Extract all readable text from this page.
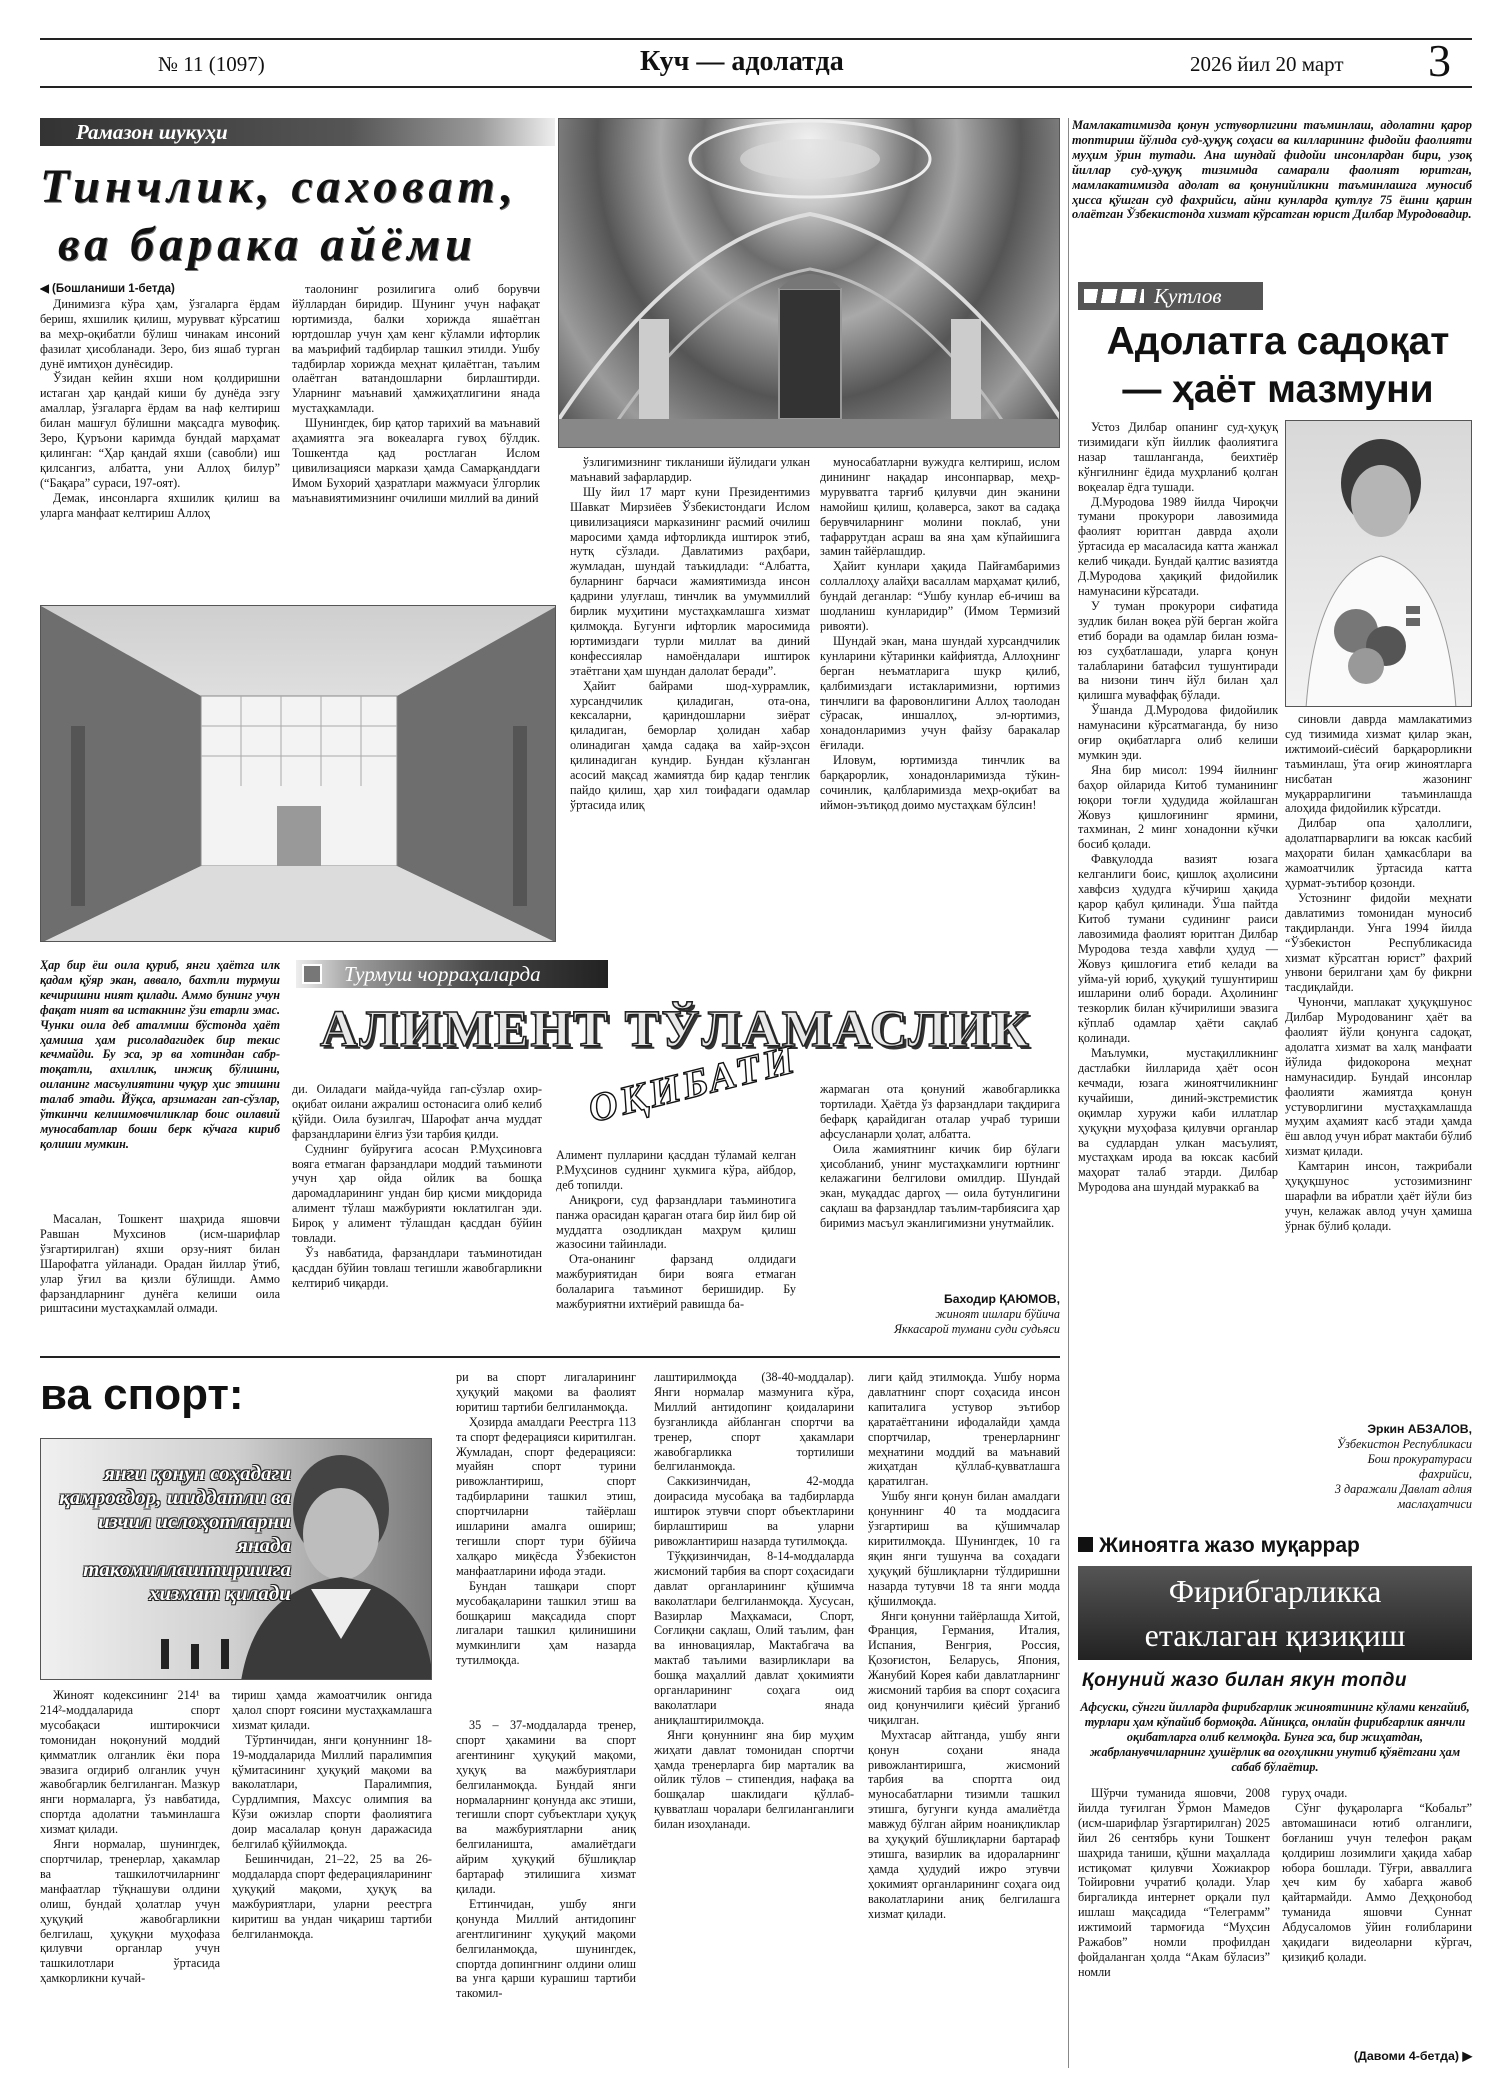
№ 11 (1097)	Куч — адолатда	2026 йил 20 март 3
Рамазон шукуҳи
Тинчлик, саховат,
ва барака айёми
◀ (Бошланиши 1-бетда)

Динимизга кўра ҳам, ўзгаларга ёрдам бериш, яхшилик қилиш, мурувват кўрсатиш ва меҳр-оқибатли бўлиш чинакам инсоний фазилат ҳисобланади. Зеро, биз яшаб турган дунё имтиҳон дунёсидир.

Ўзидан кейин яхши ном қолдиришни истаган ҳар қандай киши бу дунёда эзгу амаллар, ўзгаларга ёрдам ва наф келтириш билан машғул бўлишни мақсадга мувофиқ. Зеро, Қуръони каримда бундай марҳамат қилинган: “Ҳар қандай яхши (савобли) иш қилсангиз, албатта, уни Аллоҳ билур” (“Бақара” сураси, 197-оят).

Демак, инсонларга яхшилик қилиш ва уларга манфаат келтириш Аллоҳ

таолонинг розилигига олиб борувчи йўллардан биридир. Шунинг учун нафақат юртимизда, балки хорижда яшаётган юртдошлар учун ҳам кенг кўламли ифторлик ва маърифий тадбирлар ташкил этилди. Ушбу тадбирлар хорижда меҳнат қилаётган, таълим олаётган ватандошларни бирлаштирди. Уларнинг маънавий ҳамжиҳатлигини янада мустаҳкамлади.

Шунингдек, бир қатор тарихий ва маънавий аҳамиятга эга вокеаларга гувоҳ бўлдик. Тошкентда қад ростлаган Ислом цивилизацияси маркази ҳамда Самарқанддаги Имом Бухорий ҳазратлари мажмуаси ўлгорлик маънавиятимизнинг очилиши миллий ва диний

ўзлигимизнинг тикланиши йўлидаги улкан маънавий зафарлардир.

Шу йил 17 март куни Президентимиз Шавкат Мирзиёев Ўзбекистондаги Ислом цивилизацияси марказининг расмий очилиш маросими ҳамда ифторликда иштирок этиб, нутқ сўзлади. Давлатимиз раҳбари, жумладан, шундай таъкидлади: “Албатта, буларнинг барчаси жамиятимизда инсон қадрини улуғлаш, тинчлик ва умуммиллий бирлик муҳитини мустаҳкамлашга хизмат қилмоқда. Бугунги ифторлик маросимида юртимиздаги турли миллат ва диний конфессиялар намоёндалари иштирок этаётгани ҳам шундан далолат беради”.

Ҳайит байрами шод-хуррамлик, хурсандчилик қиладиган, ота-она, кексаларни, қариндошларни зиёрат қиладиган, беморлар ҳолидан хабар олинадиган ҳамда садақа ва хайр-эҳсон қилинадиган кундир. Бундан кўзланган асосий мақсад жамиятда бир қадар тенглик пайдо қилиш, ҳар хил тоифадаги одамлар ўртасида илиқ

муносабатларни вужудга келтириш, ислом динининг нақадар инсонпарвар, меҳр-мурувватга тарғиб қилувчи дин эканини намойиш қилиш, қолаверса, закот ва садақа берувчиларнинг молини поклаб, уни тафаррутдан асраш ва яна ҳам кўпайишига замин тайёрлашдир.

Ҳайит кунлари ҳақида Пайғамбаримиз соллаллоҳу алайҳи васаллам марҳамат қилиб, бундай деганлар: “Ушбу кунлар еб-ичиш ва шодланиш кунларидир” (Имом Термизий ривояти).

Шундай экан, мана шундай хурсандчилик кунларини кўтаринки кайфиятда, Аллоҳнинг берган неъматларига шукр қилиб, қалбимиздаги истакларимизни, юртимиз тинчлиги ва фаровонлигини Аллоҳ таолодан сўрасак, иншаллоҳ, эл-юртимиз, хонадонларимиз учун файзу баракалар ёғилади.

Иловум, юртимизда тинчлик ва барқарорлик, хонадонларимизда тўкин-сочинлик, қалбларимизда меҳр-оқибат ва иймон-эътиқод доимо мустаҳкам бўлсин!

Мамлакатимизда қонун устуворлигини таъминлаш, адолатни қарор топтириш йўлида суд-ҳуқуқ соҳаси ва килларининг фидойи фаолияти муҳим ўрин тутади. Ана шундай фидойи инсонлардан бири, узоқ йиллар суд-ҳуқуқ тизимида самарали фаолият юритган, мамлакатимизда адолат ва қонунийликни таъминлашга муносиб ҳисса қўшган суд фахрийси, айни кунларда қутлуғ 75 ёшни қаршн олаётган Ўзбекистонда хизмат кўрсатган юрист Дилбар Муродовадир.
Қутлов
Адолатга садоқат
— ҳаёт мазмуни

Устоз Дилбар опанинг суд-ҳуқуқ тизимидаги кўп йиллик фаолиятига назар ташланганда, беихтиёр кўнгилнинг ёдида муҳрланиб қолган воқеалар ёдга тушади.

Д.Муродова 1989 йилда Чироқчи тумани прокурори лавозимида фаолият юритган даврда аҳоли ўртасида ер масаласида катта жанжал келиб чиқади. Бундай қалтис вазиятда Д.Муродова ҳақиқий фидойилик намунасини кўрсатади.

У туман прокурори сифатида зудлик билан воқеа рўй берган жойга етиб боради ва одамлар билан юзма-юз суҳбатлашади, уларга қонун талабларини батафсил тушунтиради ва низони тинч йўл билан ҳал қилишга муваффақ бўлади.

Ўшанда Д.Муродова фидойилик намунасини кўрсатмаганда, бу низо оғир оқибатларга олиб келиши мумкин эди.

Яна бир мисол: 1994 йилнинг баҳор ойларида Китоб туманининг юқори тоғли ҳудудида жойлашган Жовуз қишлоғининг ярмини, тахминан, 2 минг хонадонни кўчки босиб қолади.

Фавқулодда вазият юзага келганлиги боис, қишлоқ аҳолисини хавфсиз ҳудудга кўчириш ҳақида қарор қабул қилинади. Ўша пайтда Китоб тумани судининг раиси лавозимида фаолият юритган Дилбар Муродова тезда хавфли ҳудуд — Жовуз қишлоғига етиб келади ва уйма-уй юриб, ҳуқуқий тушунтириш ишларини олиб боради. Аҳолининг тезкорлик билан кўчирилиши эвазига кўплаб одамлар ҳаёти сақлаб қолинади.

Маълумки, мустақилликнинг дастлабки йилларида ҳаёт осон кечмади, юзага жиноятчиликнинг кучайиши, диний-экстремистик оқимлар хуружи каби иллатлар ҳуқуқни муҳофаза қилувчи органлар ва судлардан улкан масъулият, мустаҳкам ирода ва юксак касбий маҳорат талаб этарди. Дилбар Муродова ана шундай мураккаб ва

синовли даврда мамлакатимиз суд тизимида хизмат қилар экан, ижтимоий-сиёсий барқарорликни таъминлаш, ўта оғир жиноятларга нисбатан жазонинг муқаррарлигини таъминлашда алоҳида фидойилик кўрсатди.

Дилбар опа ҳалоллиги, адолатпарварлиги ва юксак касбий маҳорати билан ҳамкасблари ва жамоатчилик ўртасида катта ҳурмат-эътибор қозонди.

Устознинг фидойи меҳнати давлатимиз томонидан муносиб тақдирланди. Унга 1994 йилда “Ўзбекистон Республикасида хизмат кўрсатган юрист” фахрий унвони берилгани ҳам бу фикрни тасдиқлайди.

Чунончи, маплакат ҳуқуқшунос Дилбар Муродованинг ҳаёт ва фаолият йўли қонунга садоқат, адолатга хизмат ва халқ манфаати йўлида фидокорона меҳнат намунасидир. Бундай инсонлар фаолияти жамиятда қонун устуворлигини мустаҳкамлашда муҳим аҳамият касб этади ҳамда ёш авлод учун ибрат мактаби бўлиб хизмат қилади.

Камтарин инсон, тажрибали ҳуқуқшунос устозимизнинг шарафли ва ибратли ҳаёт йўли биз учун, келажак авлод учун ҳамиша ўрнак бўлиб қолади.

Эркин АБЗАЛОВ,
Ўзбекистон Республикаси
Бош прокуратураси
фахрийси,
3 даражали Давлат адлия
маслаҳатчиси
Ҳар бир ёш оила қуриб, янги ҳаётга илк қадам қўяр экан, аввало, бахтли турмуш кечиришни ният қилади. Аммо бунинг учун фақат ният ва истакнинг ўзи етарли эмас. Чунки оила деб аталмиш бўстонда ҳаёт ҳамиша ҳам рисоладагидек бир текис кечмайди. Бу эса, эр ва хотиндан сабр-тоқатли, ахиллик, инжиқ бўлишни, оиланинг масъулиятини чуқур ҳис этишни талаб этади. Йўқса, арзимаган гап-сўзлар, ўткинчи келишмовчиликлар боис оилавий муносабатлар боши берк кўчага кириб қолиши мумкин.
Турмуш чорраҳаларда
АЛИМЕНТ ТЎЛАМАСЛИК
ОҚИБАТИ

Масалан, Тошкент шаҳрида яшовчи Равшан Мухсинов (исм-шарифлар ўзгартирилган) яхши орзу-ният билан Шарофатга уйланади. Орадан йиллар ўтиб, улар ўғил ва қизли бўлишди. Аммо фарзандларнинг дунёга келиши оила риштасини мустаҳкамлай олмади.

ди. Оиладаги майда-чуйда гап-сўзлар охир-оқибат оилани ажралиш остонасига олиб келиб қўйди. Оила бузилгач, Шарофат анча муддат фарзандларини ёлғиз ўзи тарбия қилди.

Суднинг буйруғига асосан Р.Муҳсиновга вояга етмаган фарзандлари моддий таъминоти учун ҳар ойда ойлик ва бошқа даромадларининг ундан бир қисми миқдорида алимент тўлаш мажбурияти юклатилган эди. Бироқ у алимент тўлашдан қасддан бўйин товлади.

Ўз навбатида, фарзандлари таъминотидан қасддан бўйин товлаш тегишли жавобгарликни келтириб чиқарди.

Алимент пулларини қасддан тўламай келган Р.Муҳсинов суднинг ҳукмига кўра, айбдор, деб топилди.

Аниқроғи, суд фарзандлари таъминотига панжа орасидан қараган отага бир йил бир ой муддатга озодликдан маҳрум қилиш жазосини тайинлади.

Ота-онанинг фарзанд олдидаги мажбуриятидан бири вояга етмаган болаларига таъминот беришидир. Бу мажбуриятни ихтиёрий равишда ба-

жармаган ота қонуний жавобгарликка тортилади. Ҳаётда ўз фарзандлари тақдирига бефарқ қарайдиган оталар учраб туриши афсусланарли ҳолат, албатта.

Оила жамиятнинг кичик бир бўлаги ҳисобланиб, унинг мустаҳкамлиги юртнинг келажагини белгилови омилдир. Шундай экан, муқаддас даргоҳ — оила бутунлигини сақлаш ва фарзандлар таълим-тарбиясига ҳар биримиз масъул эканлигимизни унутмайлик.

Баходир ҚАЮМОВ,
жиноят ишлари бўйича
Яккасарой тумани суди судьяси
ва спорт:
янги қонун соҳадаги қамровдор, шиддатли ва изчил ислоҳотларни янада такомиллаштиришга хизмат қилади

Жиноят кодексининг 214¹ ва 214²-моддаларида спорт мусобақаси иштирокчиси томонидан ноқонуний моддий қимматлик олганлик ёки пора эвазига огдириб олганлик учун жавобгарлик белгиланган. Мазкур янги нормаларга, ўз навбатида, спортда адолатни таъминлашга хизмат қилади.

Янги нормалар, шунингдек, спортчилар, тренерлар, ҳакамлар ва ташкилотчиларнинг манфаатлар тўқнашуви олдини олиш, бундай ҳолатлар учун ҳуқуқий жавобгарликни белгилаш, ҳуқуқни муҳофаза қилувчи органлар учун ташкилотлари ўртасида ҳамкорликни кучай-

ри ва спорт лигаларининг ҳуқуқий мақоми ва фаолият юритиш тартиби белгиланмоқда.

Ҳозирда амалдаги Реестрга 113 та спорт федерацияси киритилган. Жумладан, спорт федерацияси: муайян спорт турини ривожлантириш, спорт тадбирларини ташкил этиш, спортчиларни тайёрлаш ишларини амалга ошириш; тегишли спорт тури бўйича халқаро миқёсда Ўзбекистон манфаатларини ифода этади.

Бундан ташқари спорт мусобақаларини ташкил этиш ва бошқариш мақсадида спорт лигалари ташкил қилинишини мумкинлиги ҳам назарда тутилмоқда.

тириш ҳамда жамоатчилик онгида ҳалол спорт ғоясини мустаҳкамлашга хизмат қилади.

Тўртинчидан, янги қонуннинг 18-19-моддаларида Миллий паралимпия қўмитасининг ҳуқуқий мақоми ва ваколатлари, Паралимпия, Сурдлимпия, Махсус олимпия ва Кўзи ожизлар спорти фаолиятига доир масалалар қонун даражасида белгилаб қўйилмоқда.

Бешинчидан, 21–22, 25 ва 26-моддаларда спорт федерацияларининг ҳуқуқий мақоми, ҳуқуқ ва мажбуриятлари, уларни реестрга киритиш ва ундан чиқариш тартиби белгиланмоқда.

35 – 37-моддаларда тренер, спорт ҳакамини ва спорт агентининг ҳуқуқий мақоми, ҳуқуқ ва мажбуриятлари белгиланмоқда. Бундай янги нормаларнинг қонунда акс этиши, тегишли спорт субъектлари ҳуқуқ ва мажбуриятларни аниқ белгиланишта, амалиётдаги айрим ҳуқуқий бўшлиқлар бартараф этилишига хизмат қилади.

Еттинчидан, ушбу янги қонунда Миллий антидопинг агентлигининг ҳуқуқий мақоми белгиланмоқда, шунингдек, спортда допингнинг олдини олиш ва унга қарши курашиш тартиби такомил-

лаштирилмоқда (38-40-моддалар). Янги нормалар мазмунига кўра, Миллий антидопинг қоидаларини бузганликда айбланган спортчи ва тренер, спорт ҳакамлари жавобгарликка тортилиши белгиланмоқда.

Саккизинчидан, 42-модда доирасида мусобақа ва тадбирларда иштирок этувчи спорт объектларини бирлаштириш ва уларни ривожлантириш назарда тутилмоқда.

Тўққизинчидан, 8-14-моддаларда жисмоний тарбия ва спорт соҳасидаги давлат органларининг қўшимча ваколатлари белгиланмоқда. Хусусан, Вазирлар Маҳкамаси, Спорт, Соғлиқни сақлаш, Олий таълим, фан ва инновациялар, Мактабгача ва мактаб таълими вазирликлари ва бошқа маҳаллий давлат ҳокимияти органларининг соҳага оид ваколатлари янада аниқлаштирилмоқда.

Янги қонуннинг яна бир муҳим жиҳати давлат томонидан спортчи ҳамда тренерларга бир марталик ва ойлик тўлов – стипендия, нафақа ва бошқалар шаклидаги қўллаб-қувватлаш чоралари белгиланганлиги билан изоҳланади.

лиги қайд этилмоқда. Ушбу норма давлатнинг спорт соҳасида инсон капиталига устувор эътибор қаратаётганини ифодалайди ҳамда спортчилар, тренерларнинг меҳнатини моддий ва маънавий жиҳатдан қўллаб-қувватлашга қаратилган.

Ушбу янги қонун билан амалдаги қонуннинг 40 та моддасига ўзгартириш ва қўшимчалар киритилмоқда. Шунингдек, 10 га яқин янги тушунча ва соҳадаги ҳуқуқий бўшлиқларни тўлдиришни назарда тутувчи 18 та янги модда қўшилмоқда.

Янги қонунни тайёрлашда Хитой, Франция, Германия, Италия, Испания, Венгрия, Россия, Қозоғистон, Беларусь, Япония, Жанубий Корея каби давлатларнинг жисмоний тарбия ва спорт соҳасига оид қонунчилиги қиёсий ўрганиб чиқилган.

Мухтасар айтганда, ушбу янги қонун соҳани янада ривожлантиришга, жисмоний тарбия ва спортга оид муносабатларни тизимли ташкил этишга, бугунги кунда амалиётда мавжуд бўлган айрим ноаниқликлар ва ҳуқуқий бўшлиқларни бартараф этишга, вазирлик ва идораларнинг ҳамда ҳудудий ижро этувчи ҳокимият органларининг соҳага оид ваколатларини аниқ белгилашга хизмат қилади.

Жиноятга жазо муқаррар
Фирибгарликка
етаклаган қизиқиш
Қонуний жазо билан якун топди
Афсуски, сўнгги йилларда фирибгарлик жиноятининг кўлами кенгайиб, турлари ҳам кўпайиб бормоқда. Айниқса, онлайн фирибгарлик аянчли оқибатларга олиб келмоқда. Бунга эса, бир жиҳатдан, жабрланувчиларнинг ҳушёрлик ва огоҳликни унутиб қўяётгани ҳам сабаб бўлаётир.

Шўрчи туманида яшовчи, 2008 йилда туғилган Ўрмон Мамедов (исм-шарифлар ўзгартирилган) 2025 йил 26 сентябрь куни Тошкент шаҳрида таниши, қўшни маҳаллада истиқомат қилувчи Хожиакрор Тойировни учратиб қолади. Улар биргаликда интернет орқали пул ишлаш мақсадида “Телеграмм” ижтимоий тармоғида “Муҳсин Ражабов” номли профилдан фойдаланган ҳолда “Акам бўласиз” номли

гуруҳ очади.

Сўнг фуқароларга “Кобальт” автомашинаси ютиб олганлиги, боғланиш учун телефон рақам қолдириш лозимлиги ҳақида хабар юбора бошлади. Тўғри, авваллига ҳеч ким бу хабарга жавоб қайтармайди. Аммо Деҳқонобод туманида яшовчи Суннат Абдусаломов ўйин ғолибларини ҳақидаги видеоларни кўргач, қизиқиб қолади.

(Давоми 4-бетда) ▶
